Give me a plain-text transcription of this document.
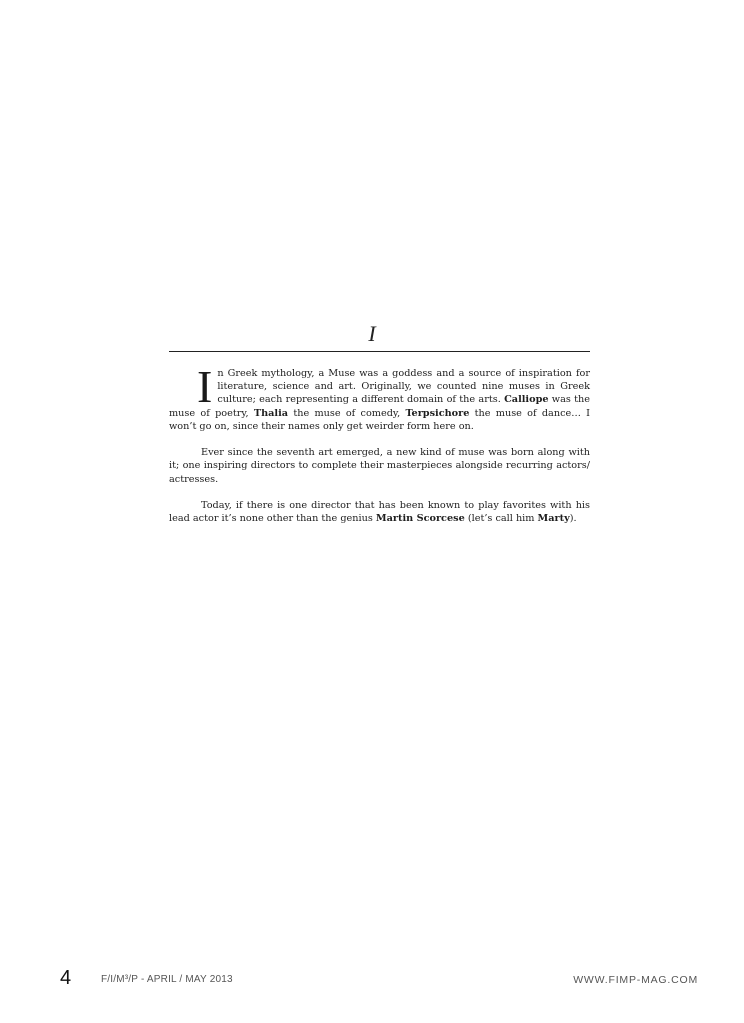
I

In Greek mythology, a Muse was a goddess and a source of inspiration for literature, science and art. Originally, we counted nine muses in Greek culture; each representing a different domain of the arts. Calliope was the muse of poetry, Thalia the muse of comedy, Terpsichore the muse of dance… I won’t go on, since their names only get weirder form here on.

Ever since the seventh art emerged, a new kind of muse was born along with it; one inspiring directors to complete their masterpieces alongside recurring actors/ actresses.

Today, if there is one director that has been known to play favorites with his lead actor it’s none other than the genius Martin Scorcese (let’s call him Marty).

4	F/I/M³/P - APRIL / MAY 2013	WWW.FIMP-MAG.COM
